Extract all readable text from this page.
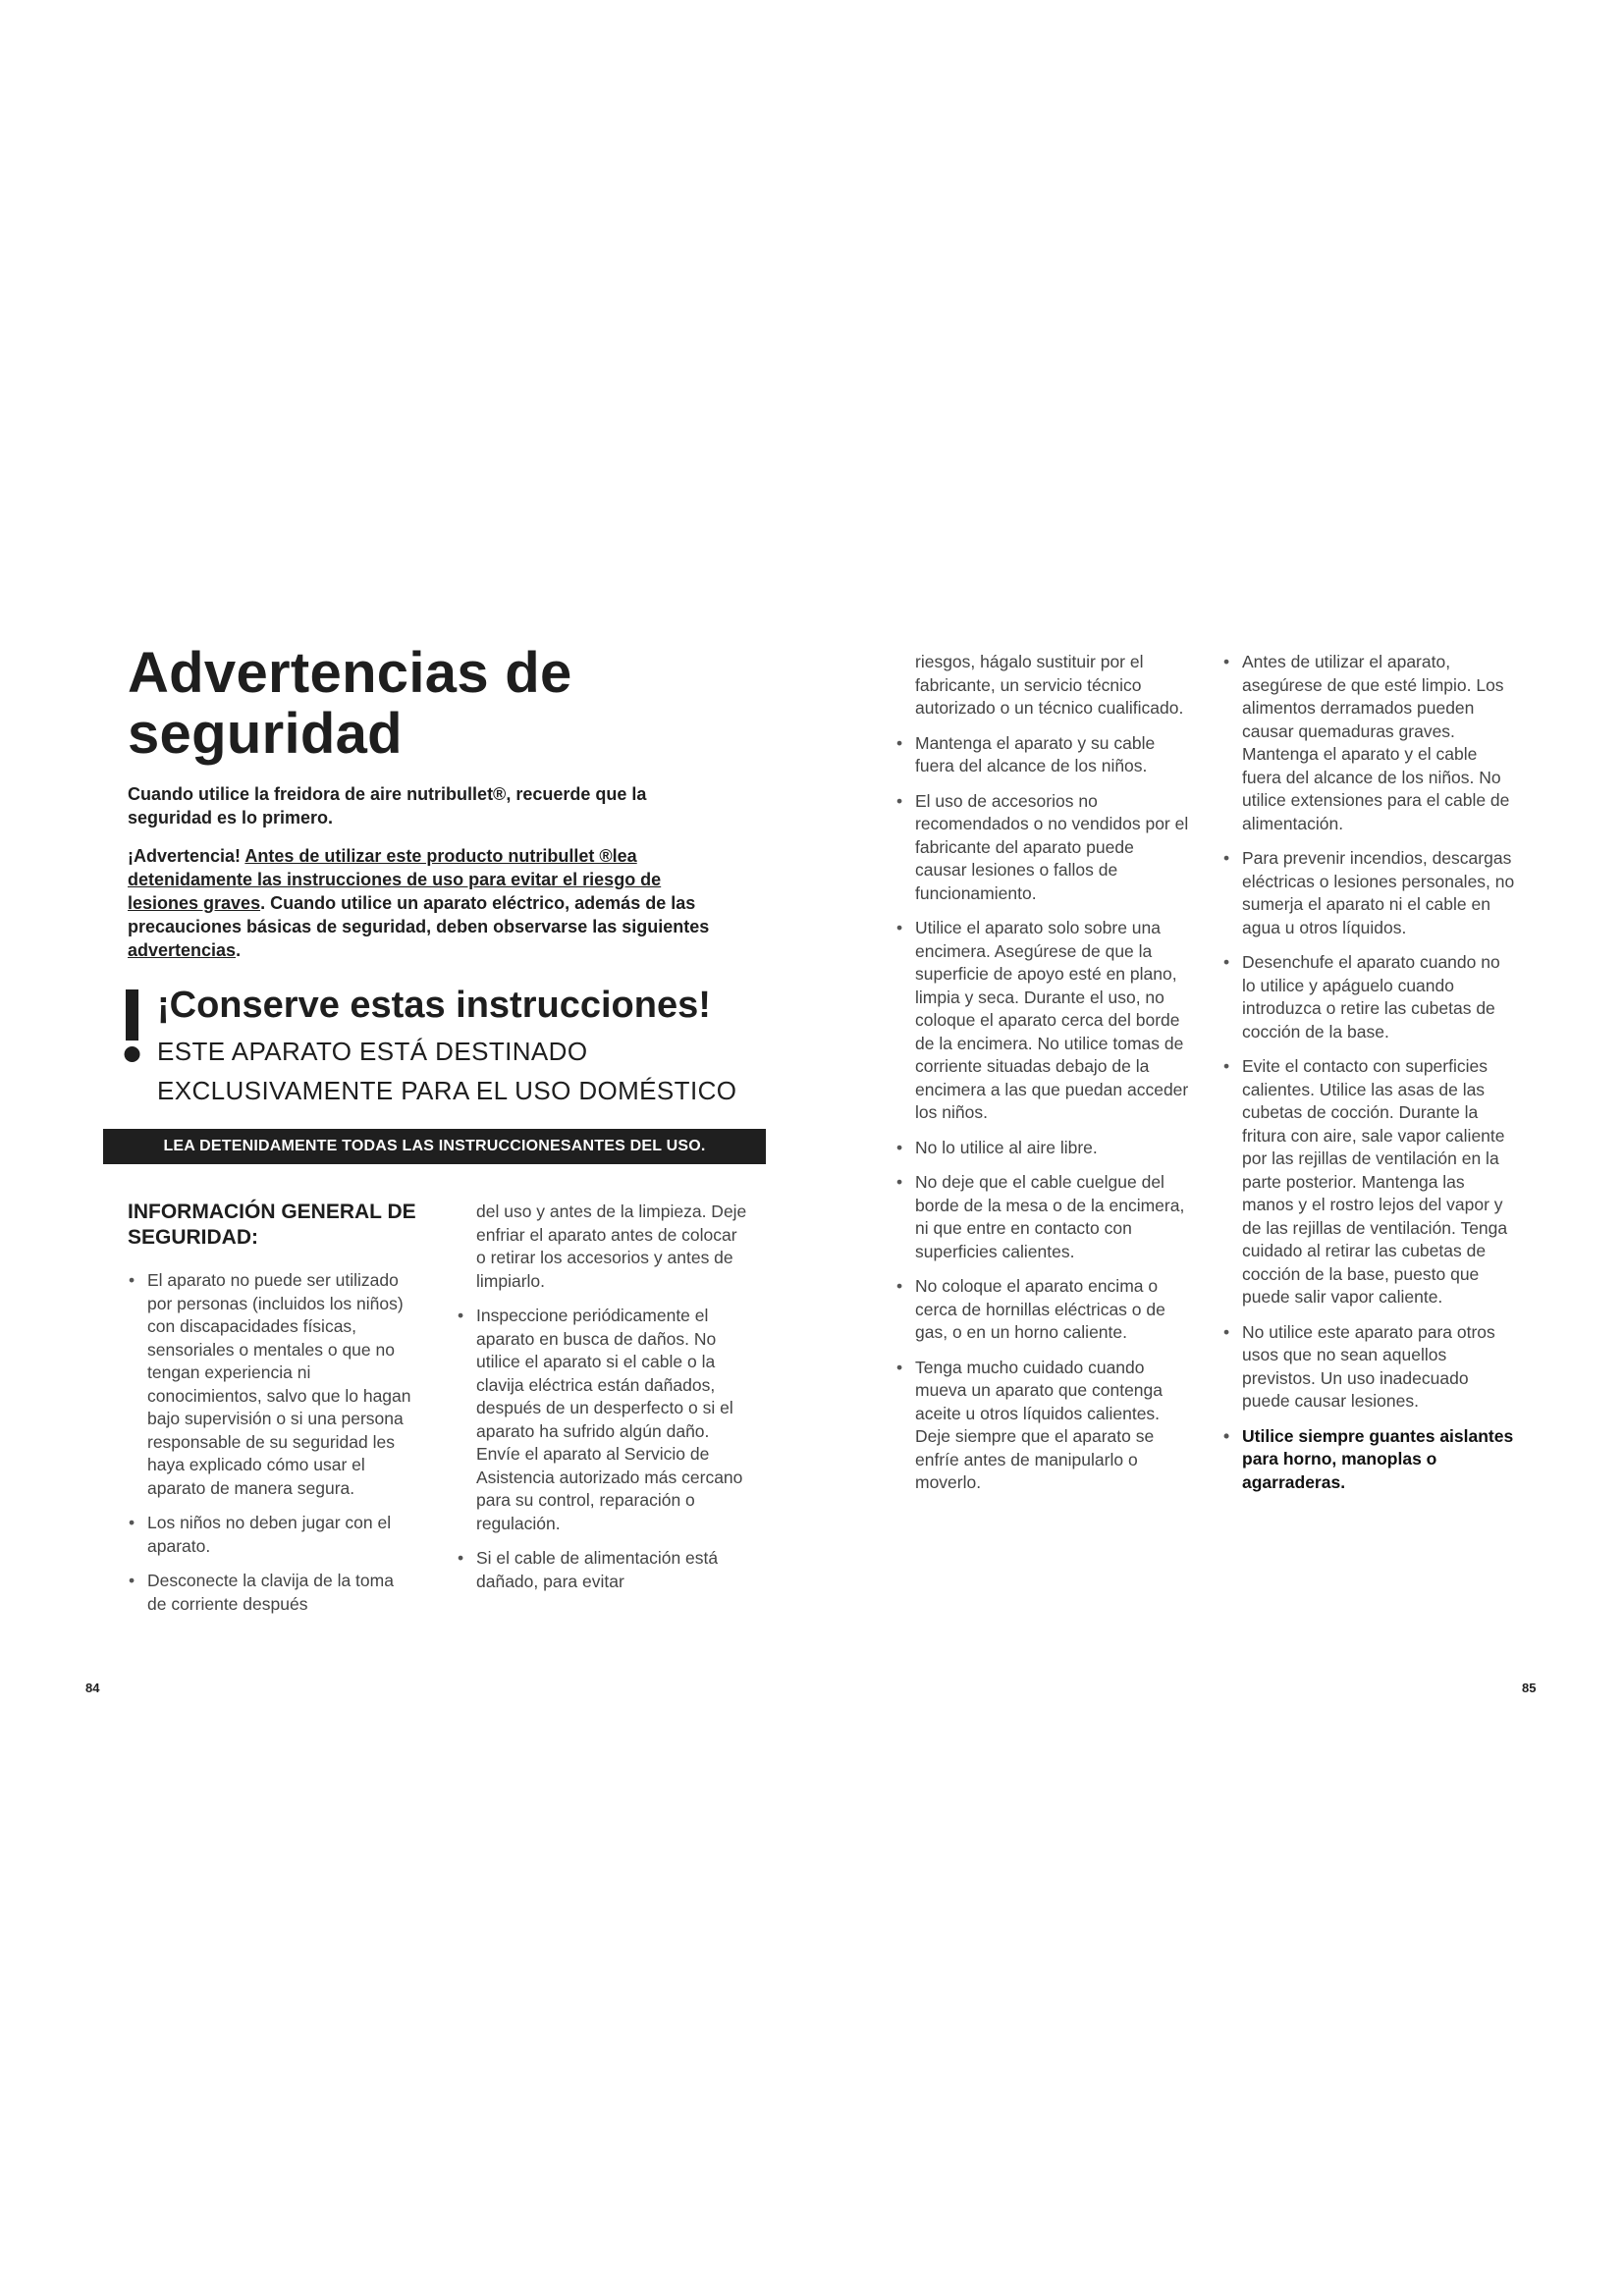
Advertencias de seguridad

Cuando utilice la freidora de aire nutribullet®, recuerde que la seguridad es lo primero.

¡Advertencia! Antes de utilizar este producto nutribullet ®lea detenidamente las instrucciones de uso para evitar el riesgo de lesiones graves. Cuando utilice un aparato eléctrico, además de las precauciones básicas de seguridad, deben observarse las siguientes advertencias.

¡Conserve estas instrucciones!
ESTE APARATO ESTÁ DESTINADO
EXCLUSIVAMENTE PARA EL USO DOMÉSTICO
LEA DETENIDAMENTE TODAS LAS INSTRUCCIONESANTES DEL USO.
INFORMACIÓN GENERAL DE SEGURIDAD:
• El aparato no puede ser utilizado por personas (incluidos los niños) con discapacidades físicas, sensoriales o mentales o que no tengan experiencia ni conocimientos, salvo que lo hagan bajo supervisión o si una persona responsable de su seguridad les haya explicado cómo usar el aparato de manera segura.
• Los niños no deben jugar con el aparato.
• Desconecte la clavija de la toma de corriente después

del uso y antes de la limpieza. Deje enfriar el aparato antes de colocar o retirar los accesorios y antes de limpiarlo.

• Inspeccione periódicamente el aparato en busca de daños. No utilice el aparato si el cable o la clavija eléctrica están dañados, después de un desperfecto o si el aparato ha sufrido algún daño. Envíe el aparato al Servicio de Asistencia autorizado más cercano para su control, reparación o regulación.
• Si el cable de alimentación está dañado, para evitar

riesgos, hágalo sustituir por el fabricante, un servicio técnico autorizado o un técnico cualificado.

• Mantenga el aparato y su cable fuera del alcance de los niños.
• El uso de accesorios no recomendados o no vendidos por el fabricante del aparato puede causar lesiones o fallos de funcionamiento.
• Utilice el aparato solo sobre una encimera. Asegúrese de que la superficie de apoyo esté en plano, limpia y seca. Durante el uso, no coloque el aparato cerca del borde de la encimera. No utilice tomas de corriente situadas debajo de la encimera a las que puedan acceder los niños.
• No lo utilice al aire libre.
• No deje que el cable cuelgue del borde de la mesa o de la encimera, ni que entre en contacto con superficies calientes.
• No coloque el aparato encima o cerca de hornillas eléctricas o de gas, o en un horno caliente.
• Tenga mucho cuidado cuando mueva un aparato que contenga aceite u otros líquidos calientes. Deje siempre que el aparato se enfríe antes de manipularlo o moverlo.
• Antes de utilizar el aparato, asegúrese de que esté limpio. Los alimentos derramados pueden causar quemaduras graves. Mantenga el aparato y el cable fuera del alcance de los niños. No utilice extensiones para el cable de alimentación.
• Para prevenir incendios, descargas eléctricas o lesiones personales, no sumerja el aparato ni el cable en agua u otros líquidos.
• Desenchufe el aparato cuando no lo utilice y apáguelo cuando introduzca o retire las cubetas de cocción de la base.
• Evite el contacto con superficies calientes. Utilice las asas de las cubetas de cocción. Durante la fritura con aire, sale vapor caliente por las rejillas de ventilación en la parte posterior. Mantenga las manos y el rostro lejos del vapor y de las rejillas de ventilación. Tenga cuidado al retirar las cubetas de cocción de la base, puesto que puede salir vapor caliente.
• No utilice este aparato para otros usos que no sean aquellos previstos. Un uso inadecuado puede causar lesiones.
• Utilice siempre guantes aislantes para horno, manoplas o agarraderas.
84	85
